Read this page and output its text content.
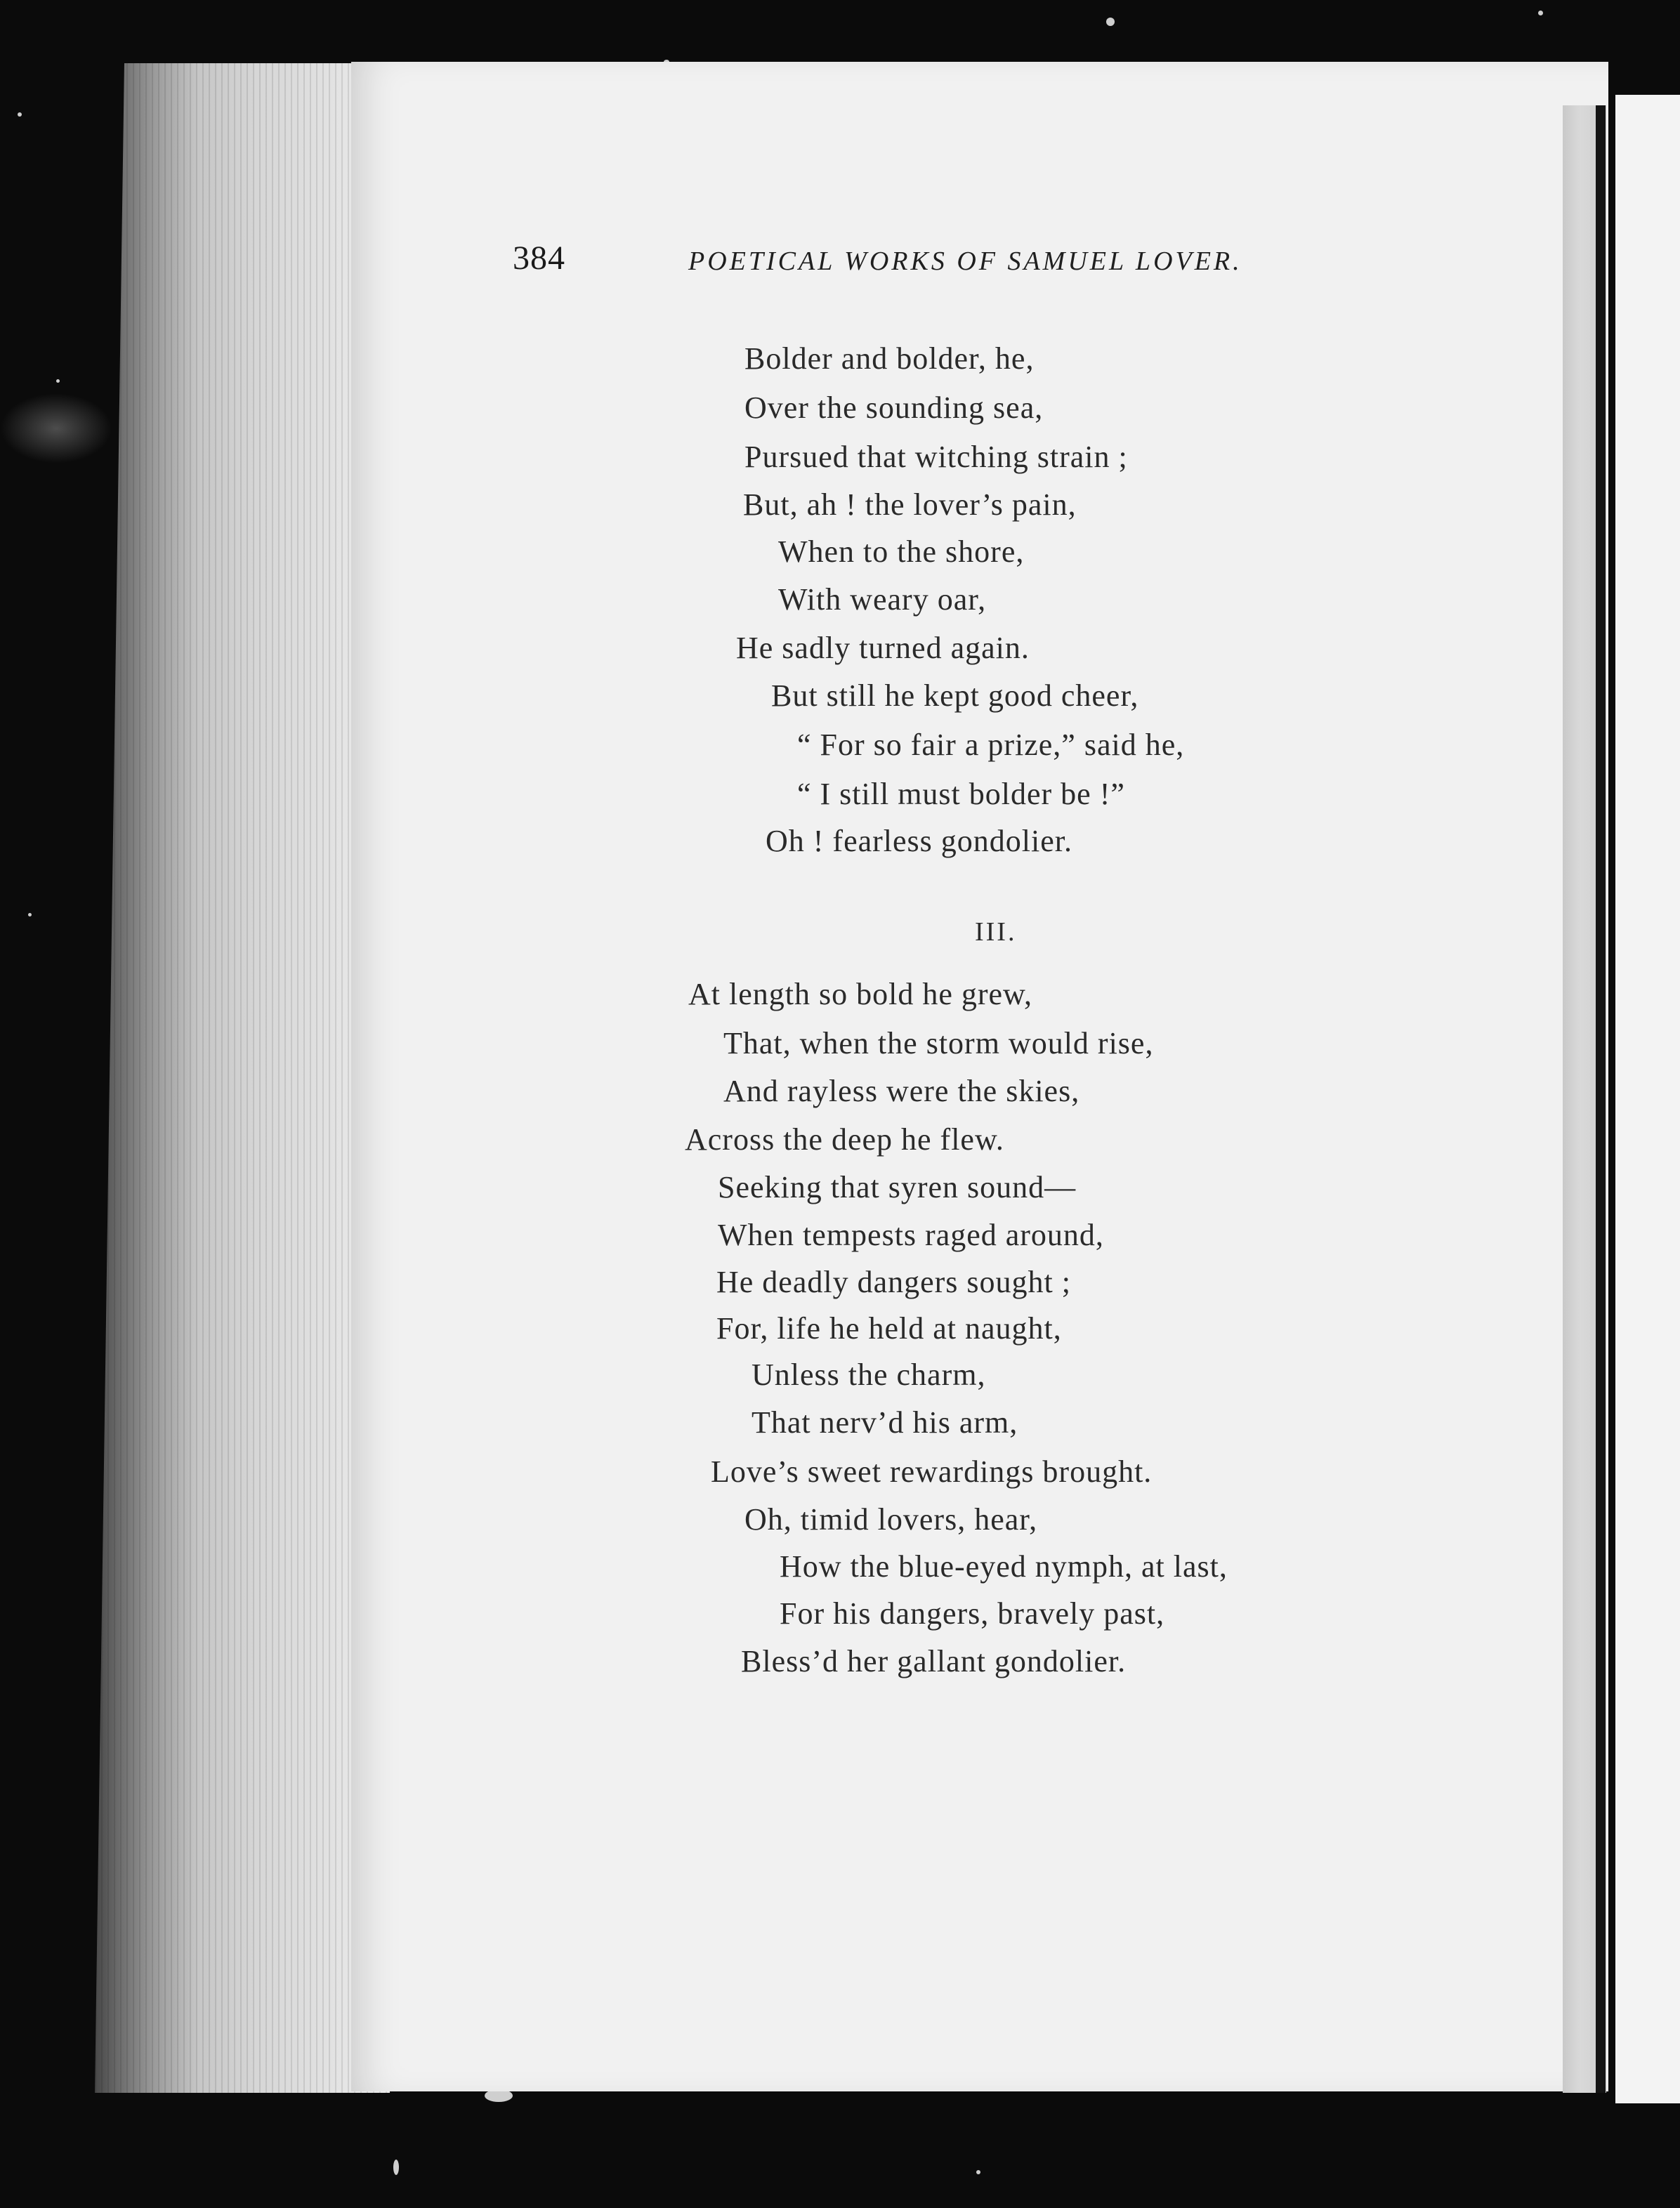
384	POETICAL WORKS OF SAMUEL LOVER.
Bolder and bolder, he,
Over the sounding sea,
Pursued that witching strain ;
But, ah ! the lover’s pain,
When to the shore,
With weary oar,
He sadly turned again.
But still he kept good cheer,
“ For so fair a prize,” said he,
“ I still must bolder be !”
Oh ! fearless gondolier.
III.
At length so bold he grew,
That, when the storm would rise,
And rayless were the skies,
Across the deep he flew.
Seeking that syren sound—
When tempests raged around,
He deadly dangers sought ;
For, life he held at naught,
Unless the charm,
That nerv’d his arm,
Love’s sweet rewardings brought.
Oh, timid lovers, hear,
How the blue-eyed nymph, at last,
For his dangers, bravely past,
Bless’d her gallant gondolier.
